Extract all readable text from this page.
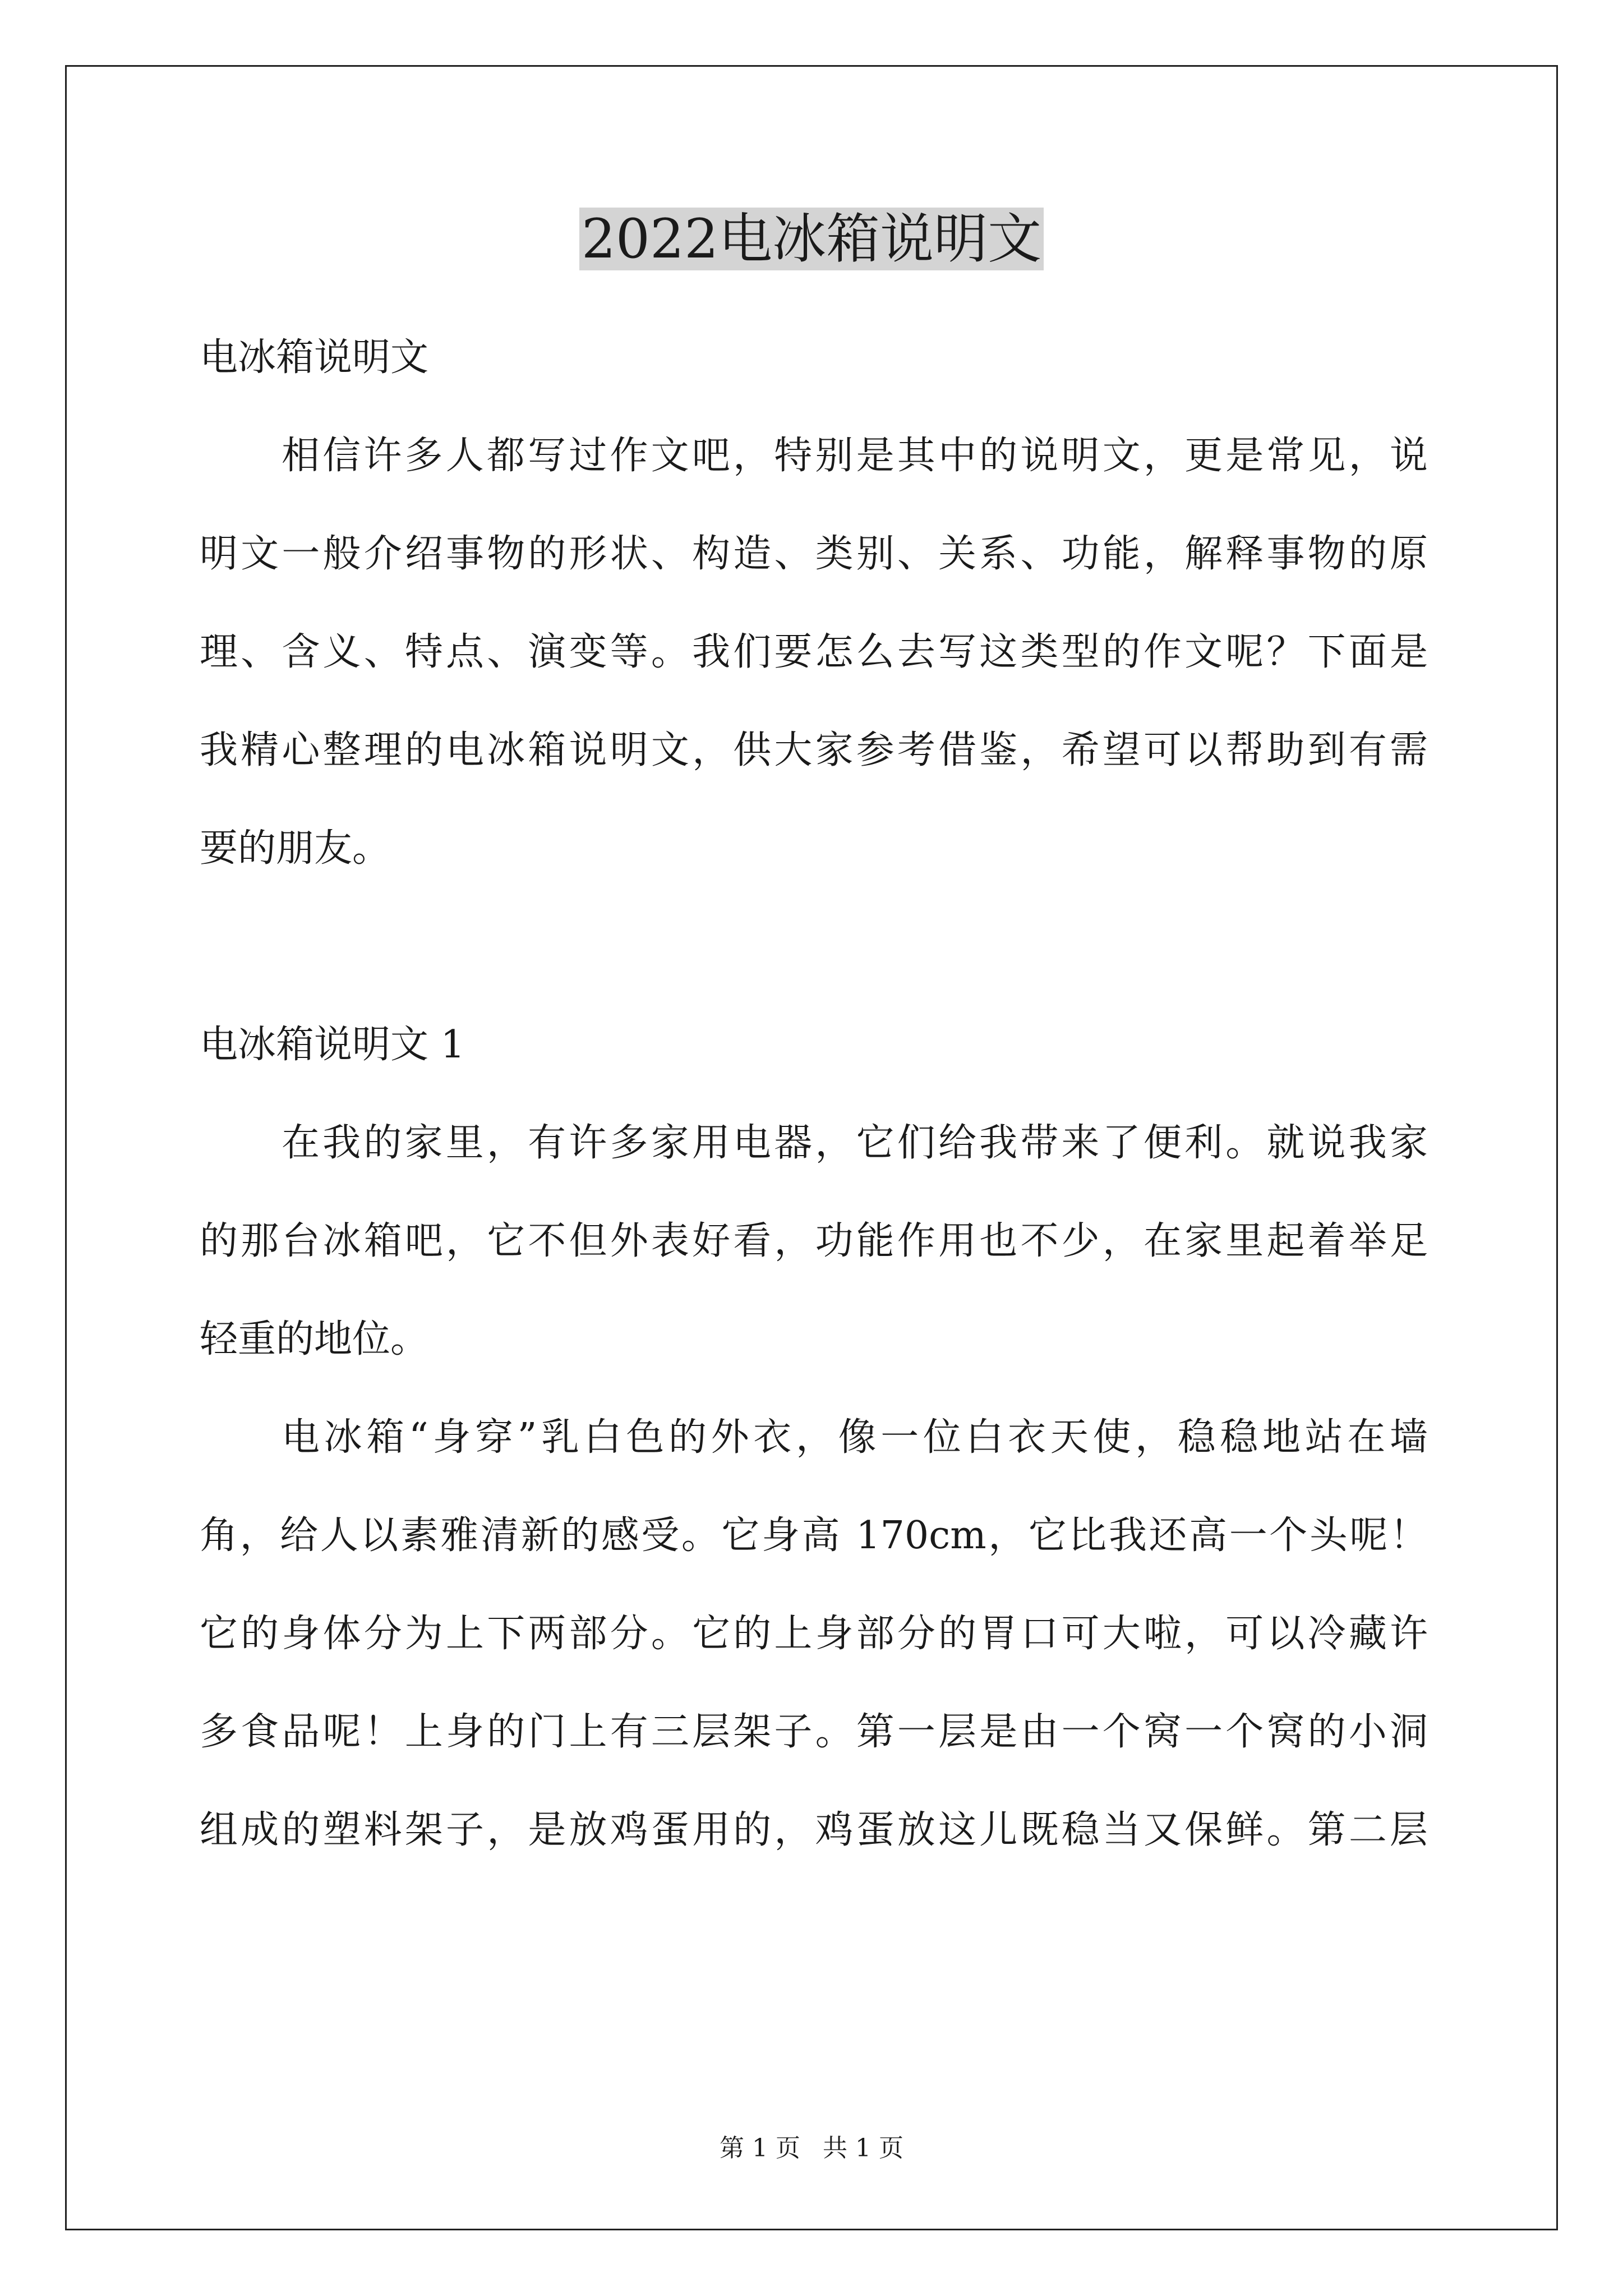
2022电冰箱说明文
电冰箱说明文
相信许多人都写过作文吧，特别是其中的说明文，更是常见，说
明文一般介绍事物的形状、构造、类别、关系、功能，解释事物的原
理、含义、特点、演变等。我们要怎么去写这类型的作文呢？下面是
我精心整理的电冰箱说明文，供大家参考借鉴，希望可以帮助到有需
要的朋友。
电冰箱说明文 1
在我的家里，有许多家用电器，它们给我带来了便利。就说我家
的那台冰箱吧，它不但外表好看，功能作用也不少，在家里起着举足
轻重的地位。
电冰箱“身穿”乳白色的外衣，像一位白衣天使，稳稳地站在墙
角，给人以素雅清新的感受。它身高 170cm，它比我还高一个头呢！
它的身体分为上下两部分。它的上身部分的胃口可大啦，可以冷藏许
多食品呢！上身的门上有三层架子。第一层是由一个窝一个窝的小洞
组成的塑料架子，是放鸡蛋用的，鸡蛋放这儿既稳当又保鲜。第二层
第 1 页 共 1 页
